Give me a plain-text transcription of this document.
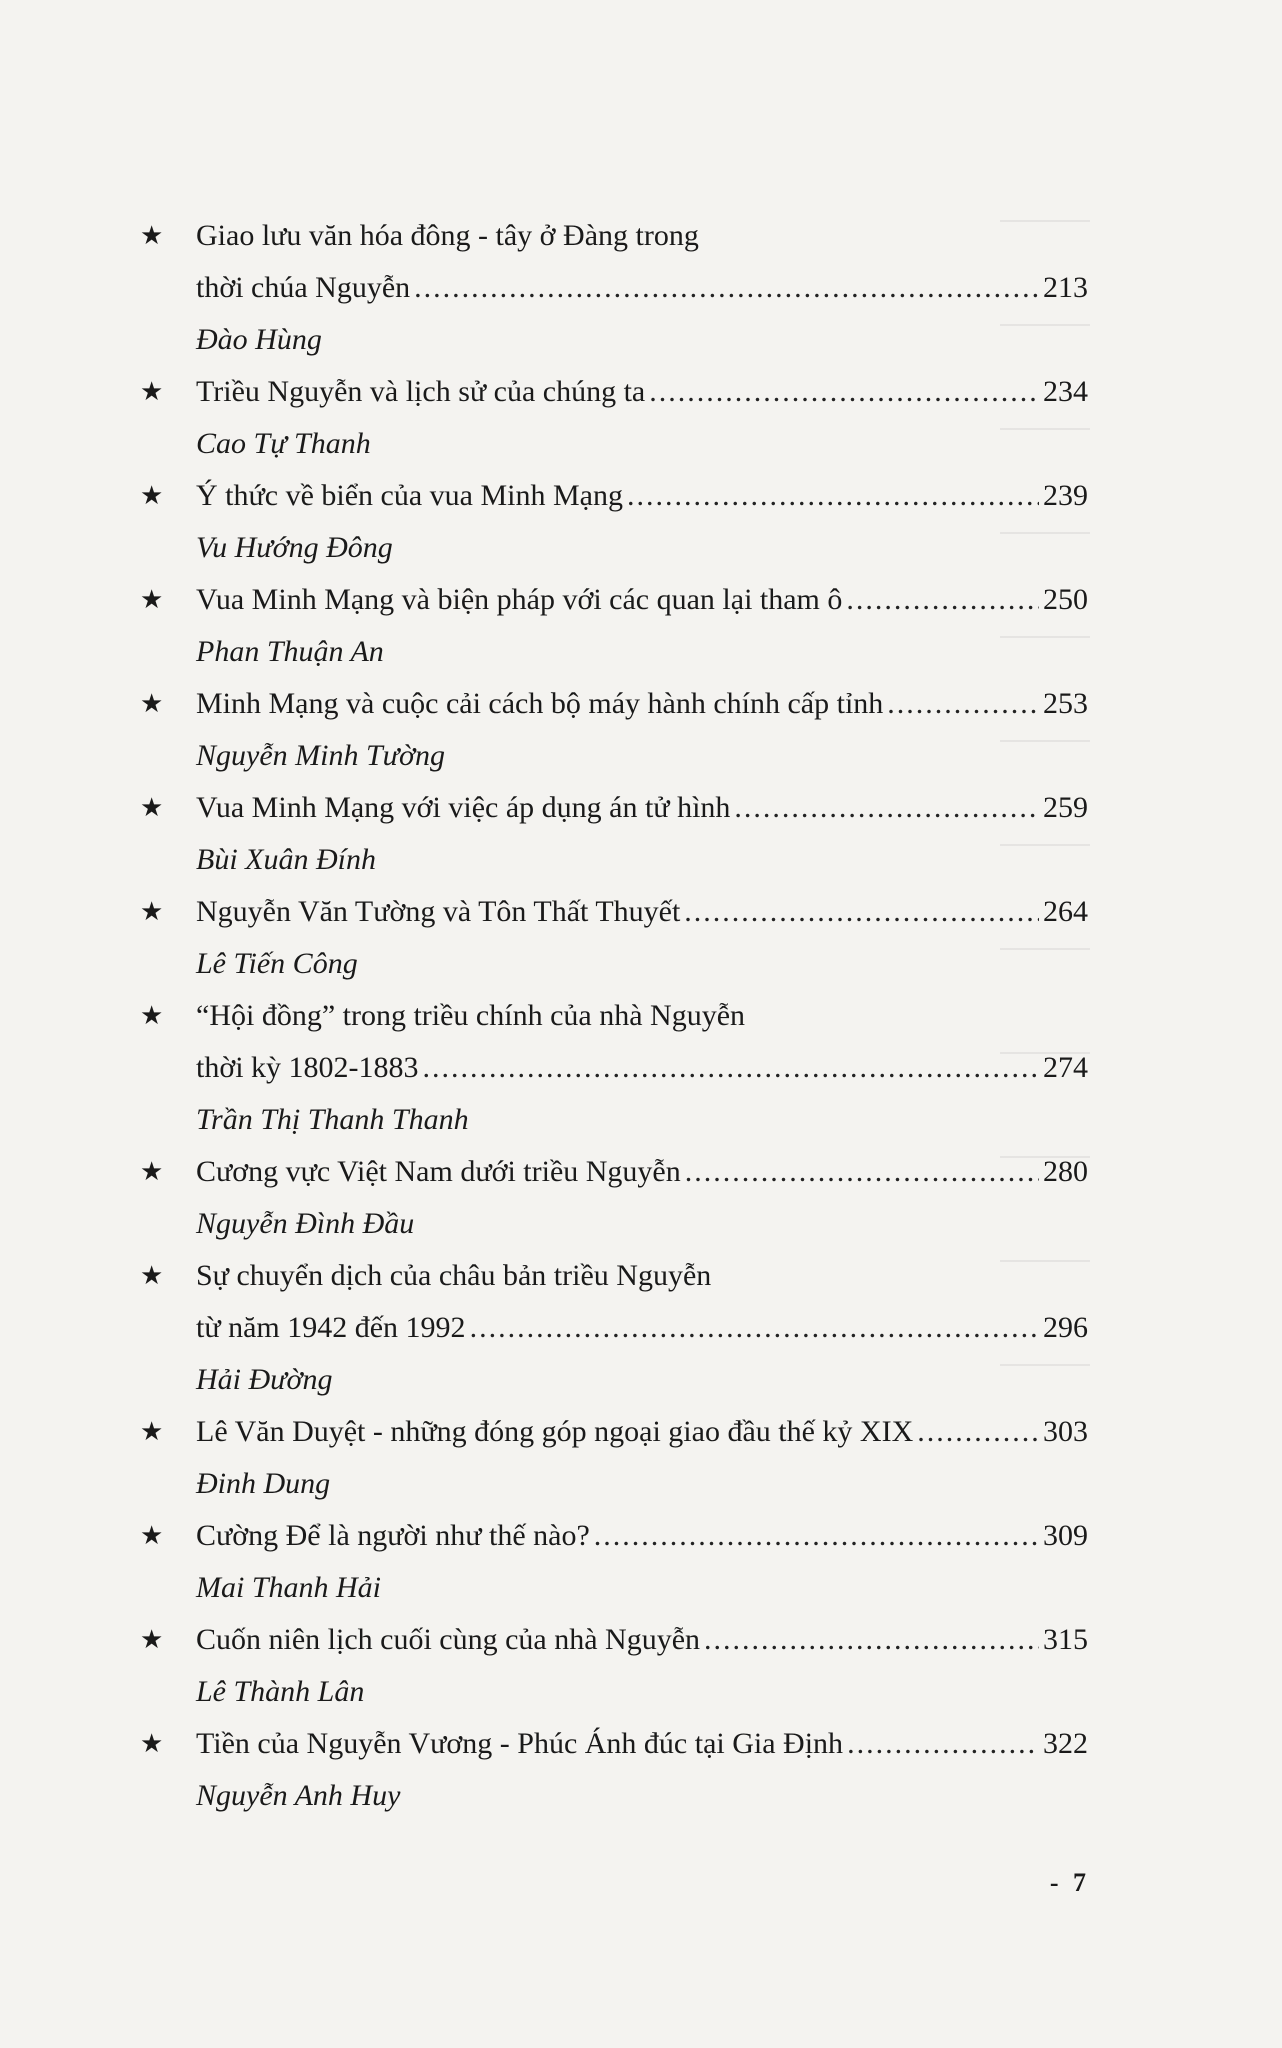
★ Giao lưu văn hóa đông - tây ở Đàng trong
thời chúa Nguyễn .....	213
Đào Hùng
★ Triều Nguyễn và lịch sử của chúng ta .....	234
Cao Tự Thanh
★ Ý thức về biển của vua Minh Mạng .....	239
Vu Hướng Đông
★ Vua Minh Mạng và biện pháp với các quan lại tham ô .....	250
Phan Thuận An
★ Minh Mạng và cuộc cải cách bộ máy hành chính cấp tỉnh .....	253
Nguyễn Minh Tường
★ Vua Minh Mạng với việc áp dụng án tử hình .....	259
Bùi Xuân Đính
★ Nguyễn Văn Tường và Tôn Thất Thuyết .....	264
Lê Tiến Công
★ “Hội đồng” trong triều chính của nhà Nguyễn
thời kỳ 1802-1883 .....	274
Trần Thị Thanh Thanh
★ Cương vực Việt Nam dưới triều Nguyễn .....	280
Nguyễn Đình Đầu
★ Sự chuyển dịch của châu bản triều Nguyễn
từ năm 1942 đến 1992 .....	296
Hải Đường
★ Lê Văn Duyệt - những đóng góp ngoại giao đầu thế kỷ XIX .....	303
Đinh Dung
★ Cường Để là người như thế nào? .....	309
Mai Thanh Hải
★ Cuốn niên lịch cuối cùng của nhà Nguyễn .....	315
Lê Thành Lân
★ Tiền của Nguyễn Vương - Phúc Ánh đúc tại Gia Định .....	322
Nguyễn Anh Huy
- 7
